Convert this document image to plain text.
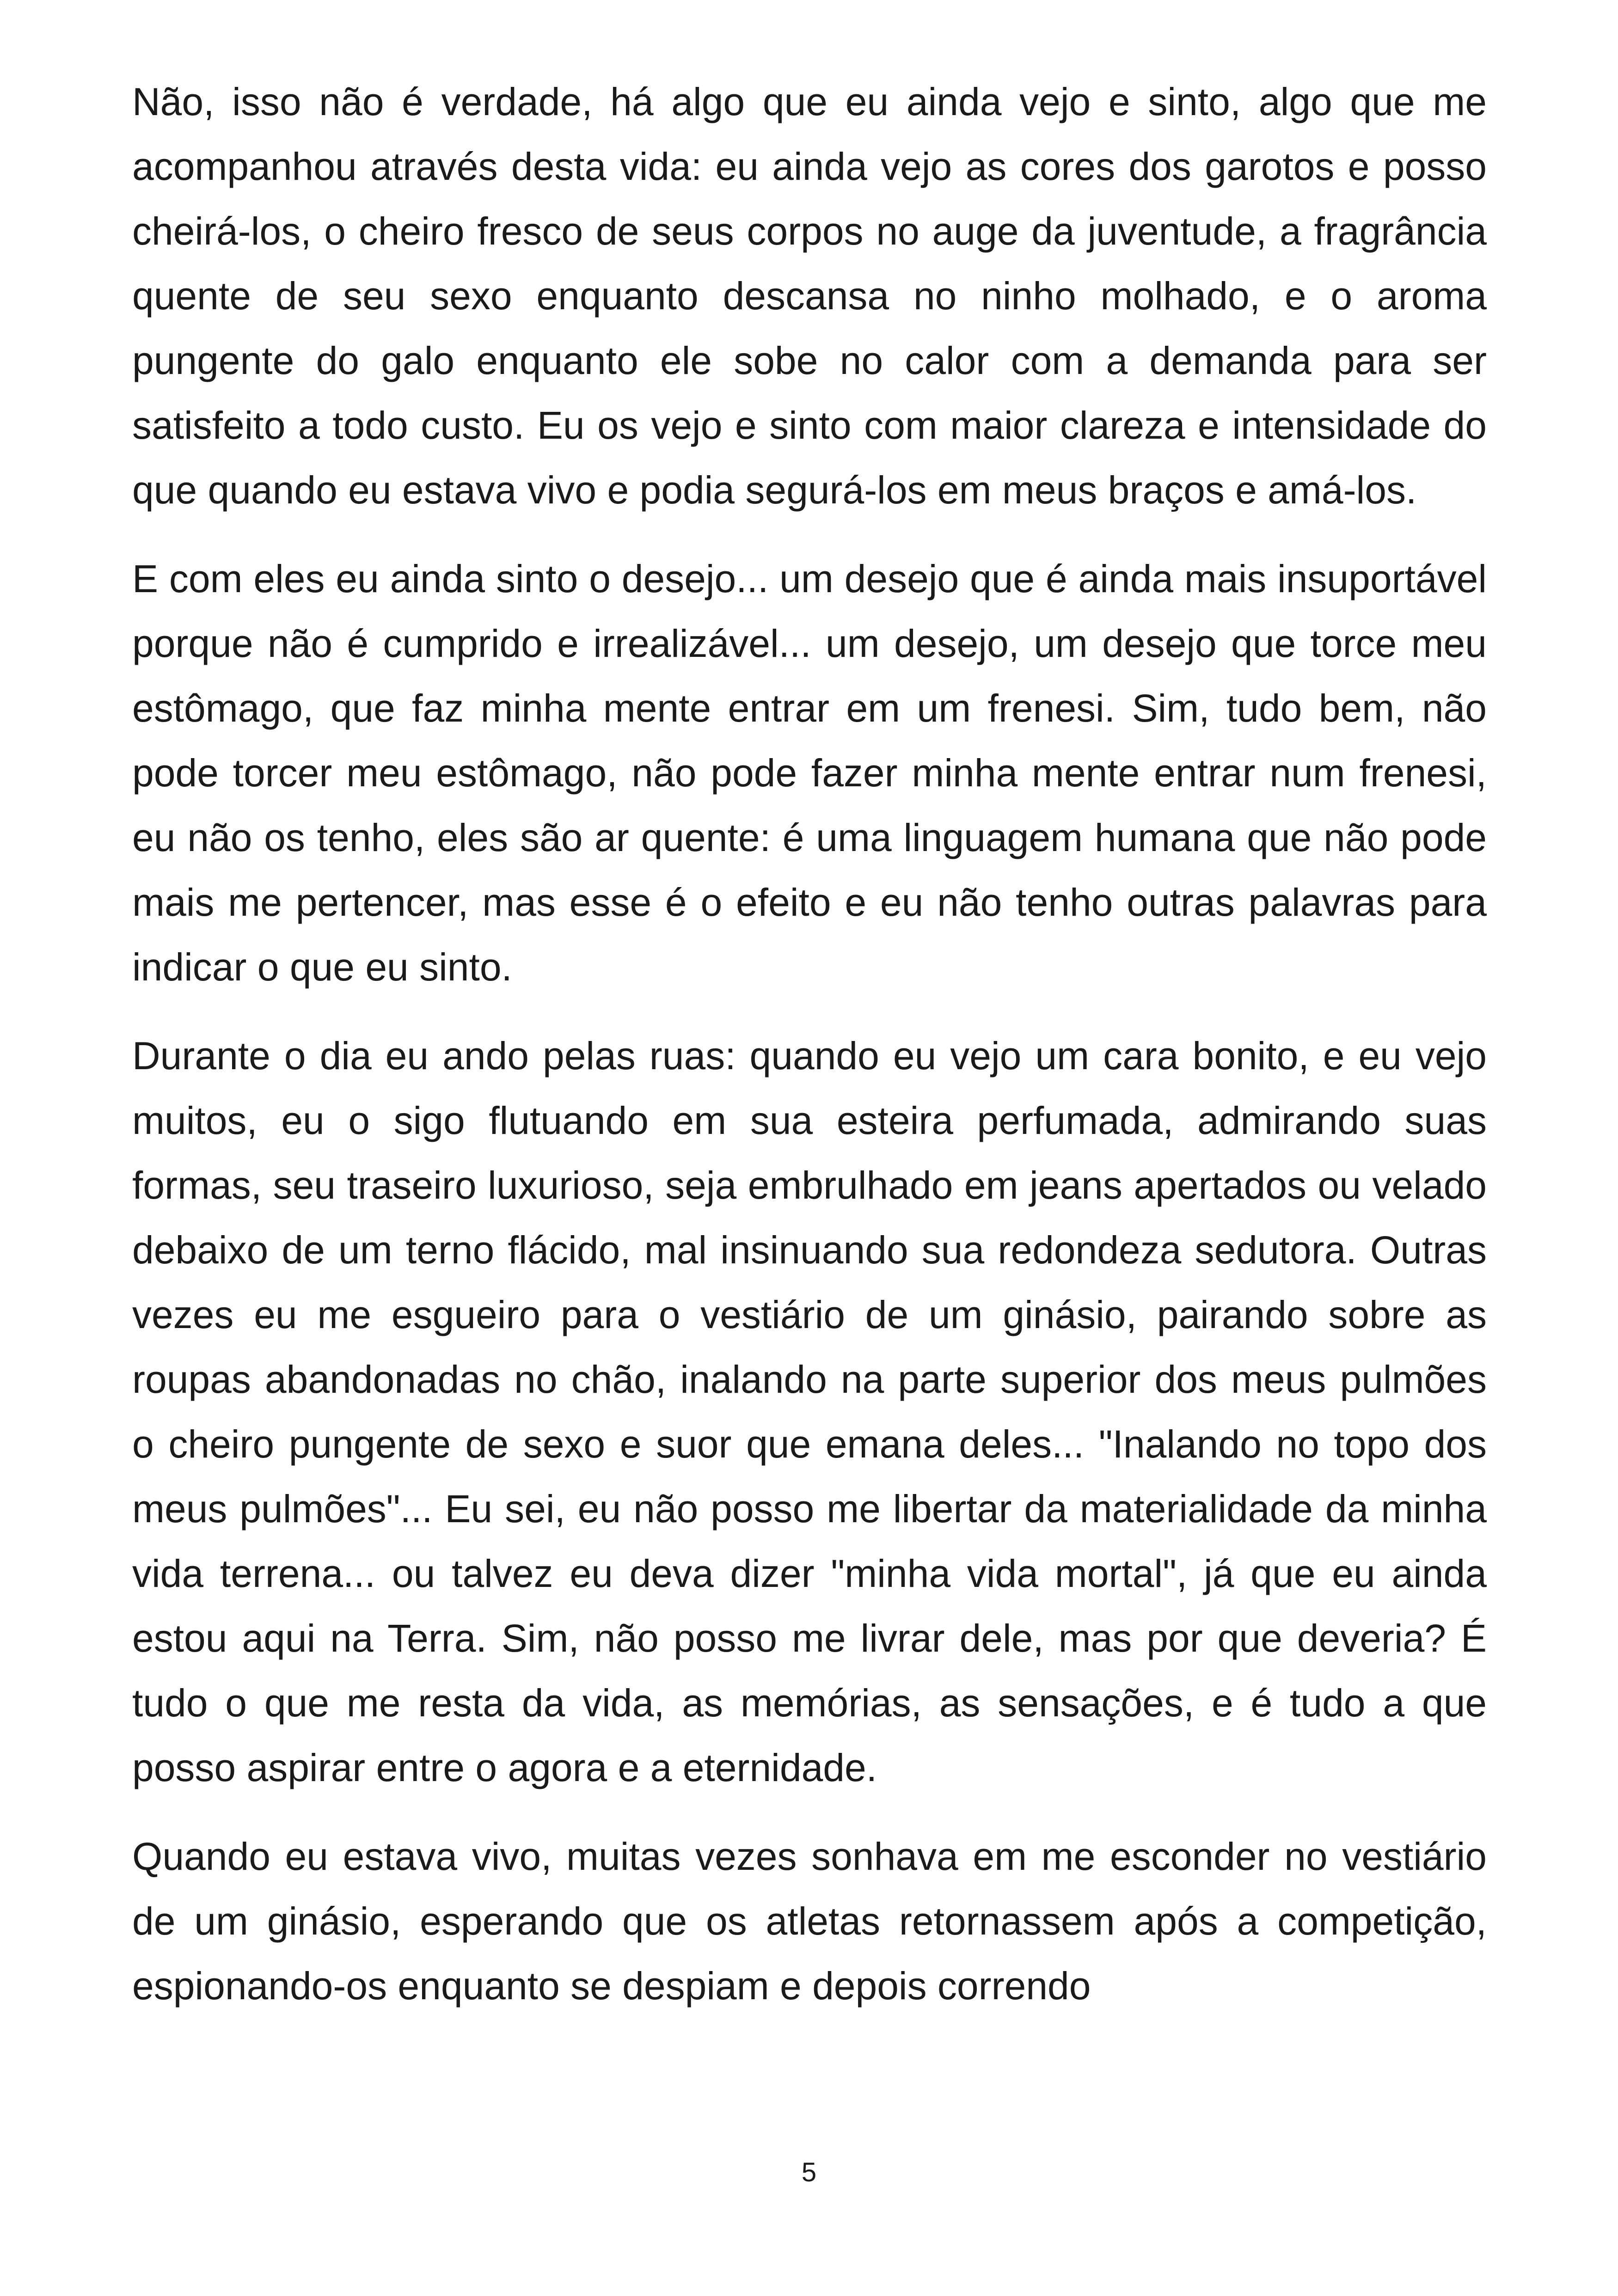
Não, isso não é verdade, há algo que eu ainda vejo e sinto, algo que me acompanhou através desta vida: eu ainda vejo as cores dos garotos e posso cheirá-los, o cheiro fresco de seus corpos no auge da juventude, a fragrância quente de seu sexo enquanto descansa no ninho molhado, e o aroma pungente do galo enquanto ele sobe no calor com a demanda para ser satisfeito a todo custo. Eu os vejo e sinto com maior clareza e intensidade do que quando eu estava vivo e podia segurá-los em meus braços e amá-los.

E com eles eu ainda sinto o desejo... um desejo que é ainda mais insuportável porque não é cumprido e irrealizável... um desejo, um desejo que torce meu estômago, que faz minha mente entrar em um frenesi. Sim, tudo bem, não pode torcer meu estômago, não pode fazer minha mente entrar num frenesi, eu não os tenho, eles são ar quente: é uma linguagem humana que não pode mais me pertencer, mas esse é o efeito e eu não tenho outras palavras para indicar o que eu sinto.

Durante o dia eu ando pelas ruas: quando eu vejo um cara bonito, e eu vejo muitos, eu o sigo flutuando em sua esteira perfumada, admirando suas formas, seu traseiro luxurioso, seja embrulhado em jeans apertados ou velado debaixo de um terno flácido, mal insinuando sua redondeza sedutora. Outras vezes eu me esgueiro para o vestiário de um ginásio, pairando sobre as roupas abandonadas no chão, inalando na parte superior dos meus pulmões o cheiro pungente de sexo e suor que emana deles... "Inalando no topo dos meus pulmões"... Eu sei, eu não posso me libertar da materialidade da minha vida terrena... ou talvez eu deva dizer "minha vida mortal", já que eu ainda estou aqui na Terra. Sim, não posso me livrar dele, mas por que deveria? É tudo o que me resta da vida, as memórias, as sensações, e é tudo a que posso aspirar entre o agora e a eternidade.

Quando eu estava vivo, muitas vezes sonhava em me esconder no vestiário de um ginásio, esperando que os atletas retornassem após a competição, espionando-os enquanto se despiam e depois correndo

5
